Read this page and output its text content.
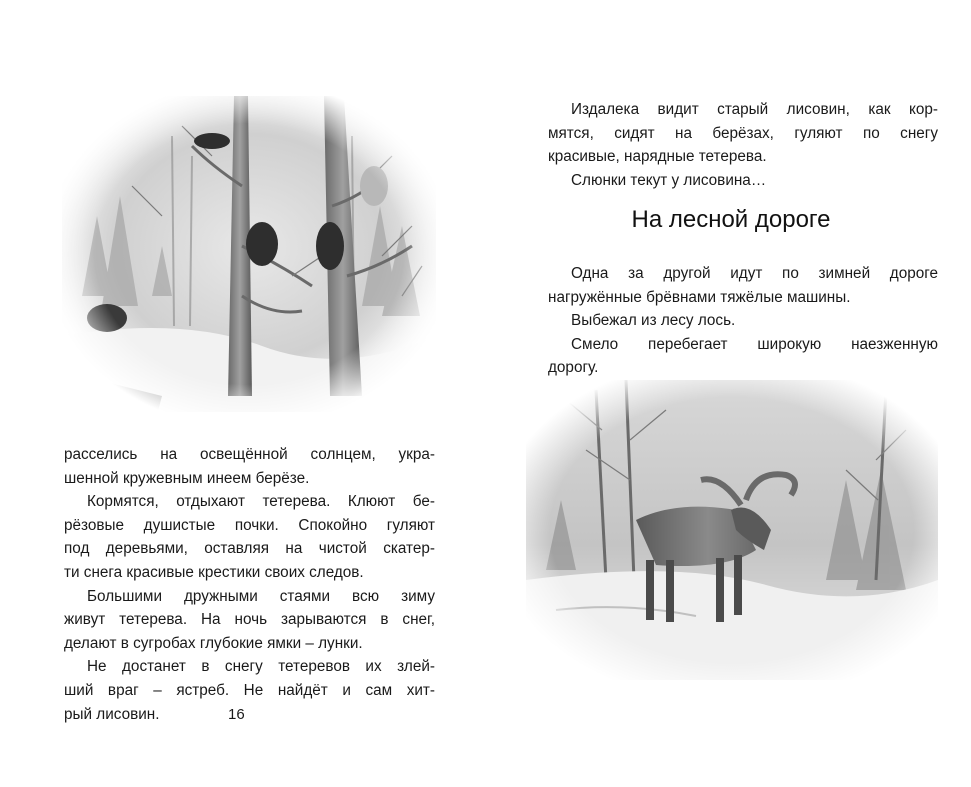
расселись на освещённой солнцем, укра-

шенной кружевным инеем берёзе.

Кормятся, отдыхают тетерева. Клюют бе-

рёзовые душистые почки. Спокойно гуляют

под деревьями, оставляя на чистой скатер-

ти снега красивые крестики своих следов.

Большими дружными стаями всю зиму

живут тетерева. На ночь зарываются в снег,

делают в сугробах глубокие ямки – лунки.

Не достанет в снегу тетеревов их злей-

ший враг – ястреб. Не найдёт и сам хит-

рый лисовин.	16

Издалека видит старый лисовин, как кор-

мятся, сидят на берёзах, гуляют по снегу

красивые, нарядные тетерева.

Слюнки текут у лисовина…

На лесной дороге

Одна за другой идут по зимней дороге

нагружённые брёвнами тяжёлые машины.

Выбежал из лесу лось.

Смело перебегает широкую наезженную

дорогу.
